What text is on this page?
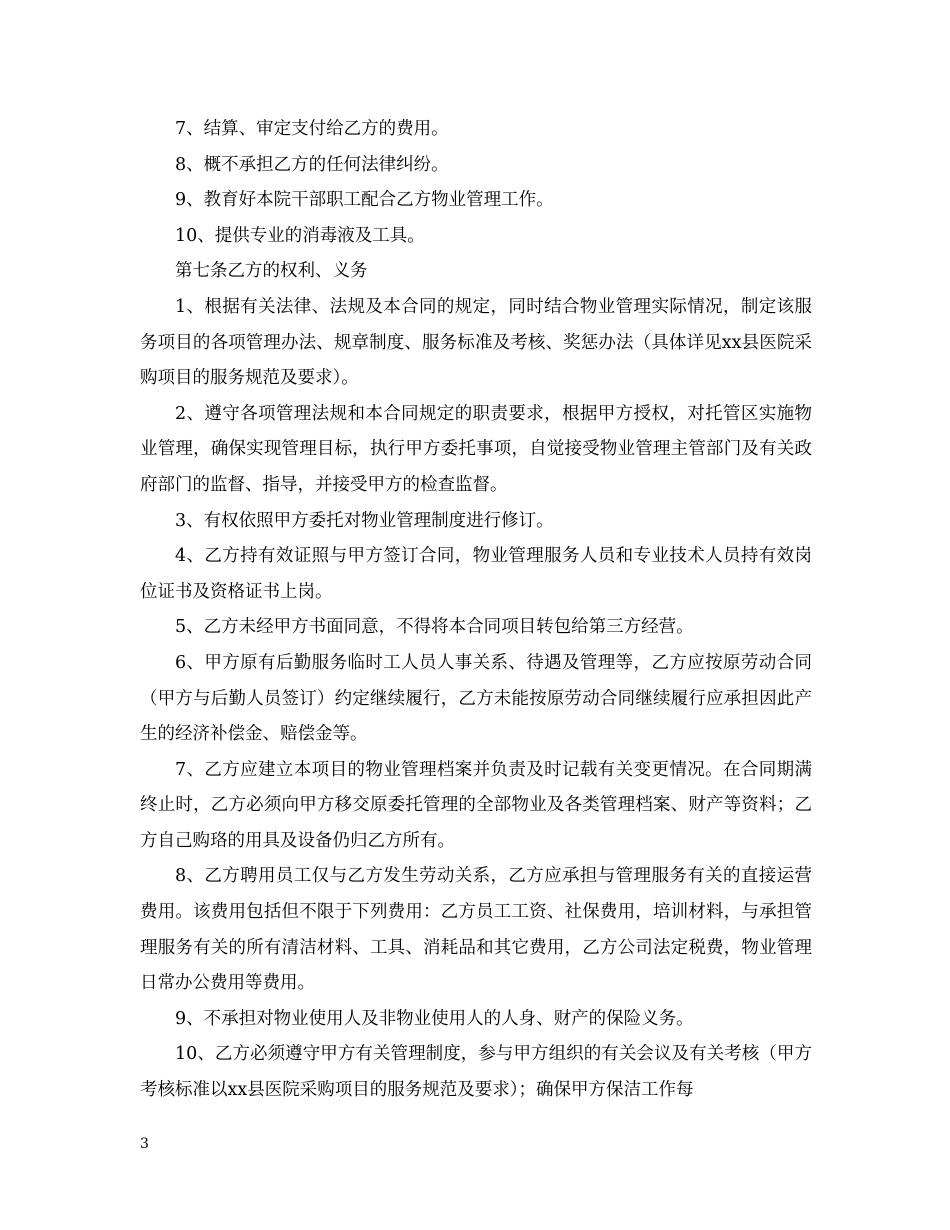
7、结算、审定支付给乙方的费用。

8、概不承担乙方的任何法律纠纷。

9、教育好本院干部职工配合乙方物业管理工作。

10、提供专业的消毒液及工具。

第七条乙方的权利、义务

1、根据有关法律、法规及本合同的规定，同时结合物业管理实际情况，制定该服务项目的各项管理办法、规章制度、服务标准及考核、奖惩办法（具体详见xx县医院采购项目的服务规范及要求）。

2、遵守各项管理法规和本合同规定的职责要求，根据甲方授权，对托管区实施物业管理，确保实现管理目标，执行甲方委托事项，自觉接受物业管理主管部门及有关政府部门的监督、指导，并接受甲方的检查监督。

3、有权依照甲方委托对物业管理制度进行修订。

4、乙方持有效证照与甲方签订合同，物业管理服务人员和专业技术人员持有效岗位证书及资格证书上岗。

5、乙方未经甲方书面同意，不得将本合同项目转包给第三方经营。

6、甲方原有后勤服务临时工人员人事关系、待遇及管理等，乙方应按原劳动合同（甲方与后勤人员签订）约定继续履行，乙方未能按原劳动合同继续履行应承担因此产生的经济补偿金、赔偿金等。

7、乙方应建立本项目的物业管理档案并负责及时记载有关变更情况。在合同期满终止时，乙方必须向甲方移交原委托管理的全部物业及各类管理档案、财产等资料；乙方自己购珞的用具及设备仍归乙方所有。

8、乙方聘用员工仅与乙方发生劳动关系，乙方应承担与管理服务有关的直接运营费用。该费用包括但不限于下列费用：乙方员工工资、社保费用，培训材料，与承担管理服务有关的所有清洁材料、工具、消耗品和其它费用，乙方公司法定税费，物业管理日常办公费用等费用。

9、不承担对物业使用人及非物业使用人的人身、财产的保险义务。

10、乙方必须遵守甲方有关管理制度，参与甲方组织的有关会议及有关考核（甲方考核标准以xx县医院采购项目的服务规范及要求）；确保甲方保洁工作每

3
